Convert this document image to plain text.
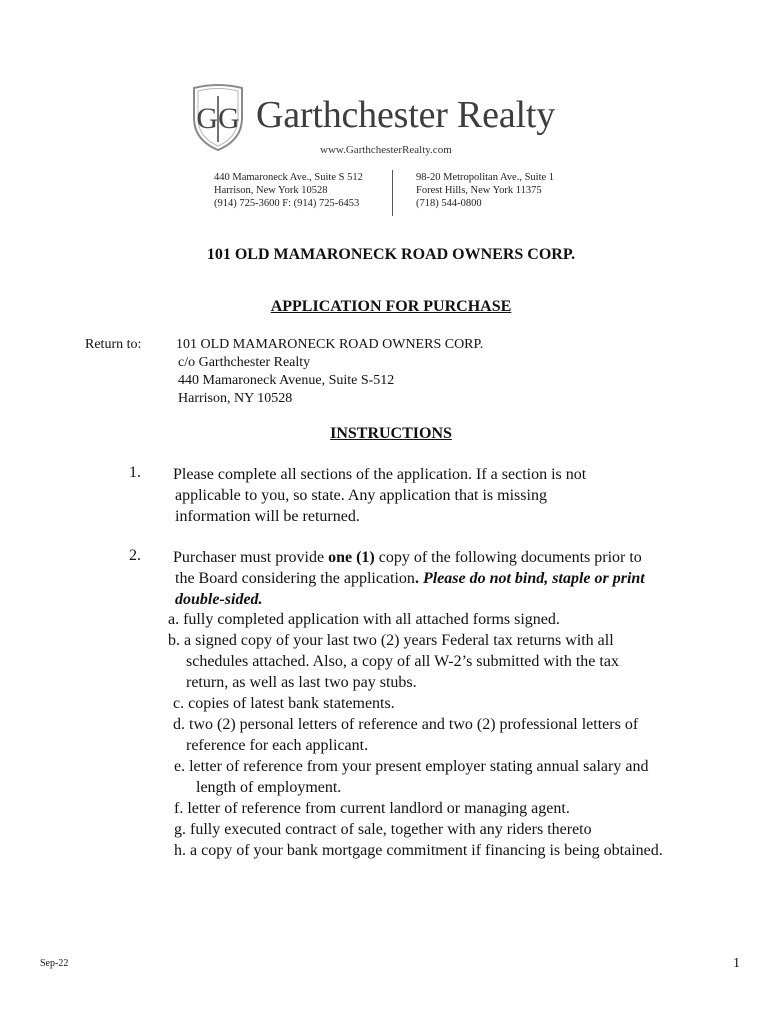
GG Garthchester Realty
www.GarthchesterRealty.com
440 Mamaroneck Ave., Suite S 512
Harrison, New York 10528
(914) 725-3600 F: (914) 725-6453
98-20 Metropolitan Ave., Suite 1
Forest Hills, New York 11375
(718) 544-0800
101 OLD MAMARONECK ROAD OWNERS CORP.
APPLICATION FOR PURCHASE
Return to: 101 OLD MAMARONECK ROAD OWNERS CORP.
c/o Garthchester Realty
440 Mamaroneck Avenue, Suite S-512
Harrison, NY 10528
INSTRUCTIONS
1. Please complete all sections of the application. If a section is not
applicable to you, so state. Any application that is missing
information will be returned.
2. Purchaser must provide one (1) copy of the following documents prior to
the Board considering the application. Please do not bind, staple or print
double-sided.
a. fully completed application with all attached forms signed.
b. a signed copy of your last two (2) years Federal tax returns with all
schedules attached. Also, a copy of all W-2’s submitted with the tax
return, as well as last two pay stubs.
c. copies of latest bank statements.
d. two (2) personal letters of reference and two (2) professional letters of
reference for each applicant.
e. letter of reference from your present employer stating annual salary and
length of employment.
f. letter of reference from current landlord or managing agent.
g. fully executed contract of sale, together with any riders thereto
h. a copy of your bank mortgage commitment if financing is being obtained.
Sep-22	1
